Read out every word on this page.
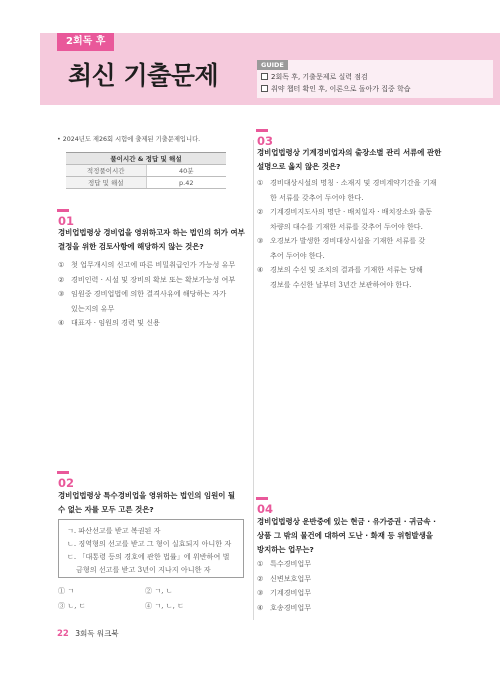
2회독 후
최신 기출문제	GUIDE
2회독 후, 기출문제로 실력 점검
취약 챕터 확인 후, 이론으로 돌아가 집중 학습
• 2024년도 제26회 시험에 출제된 기출문제입니다.
풀이시간 & 정답 및 해설	
적정풀이시간	40분
정답 및 해설	p.42
01
경비업법령상 경비업을 영위하고자 하는 법인의 허가 여부
결정을 위한 검토사항에 해당하지 않는 것은?
① 첫 업무개시의 신고에 따른 비밀취급인가 가능성 유무
② 경비인력 · 시설 및 장비의 확보 또는 확보가능성 여부
③ 임원중 경비업법에 의한 결격사유에 해당하는 자가
있는지의 유무
④ 대표자 · 임원의 경력 및 신용
02
경비업법령상 특수경비업을 영위하는 법인의 임원이 될
수 없는 자를 모두 고른 것은?
ㄱ. 파산선고를 받고 복권된 자
ㄴ. 징역형의 선고를 받고 그 형이 실효되지 아니한 자
ㄷ. 「대통령 등의 경호에 관한 법률」에 위반하여 벌
금형의 선고를 받고 3년이 지나지 아니한 자
① ㄱ	② ㄱ, ㄴ
③ ㄴ, ㄷ	④ ㄱ, ㄴ, ㄷ
03
경비업법령상 기계경비업자의 출장소별 관리 서류에 관한
설명으로 옳지 않은 것은?
① 경비대상시설의 명칭 · 소재지 및 경비계약기간을 기재
한 서류를 갖추어 두어야 한다.
② 기계경비지도사의 명단 · 배치일자 · 배치장소와 출동
차량의 대수를 기재한 서류를 갖추어 두어야 한다.
③ 오경보가 발생한 경비대상시설을 기재한 서류를 갖
추어 두어야 한다.
④ 경보의 수신 및 조치의 결과를 기재한 서류는 당해
경보를 수신한 날부터 3년간 보관하여야 한다.
04
경비업법령상 운반중에 있는 현금 · 유가증권 · 귀금속 ·
상품 그 밖의 물건에 대하여 도난 · 화재 등 위험발생을
방지하는 업무는?
① 특수경비업무
② 신변보호업무
③ 기계경비업무
④ 호송경비업무
22 3회독 워크북
